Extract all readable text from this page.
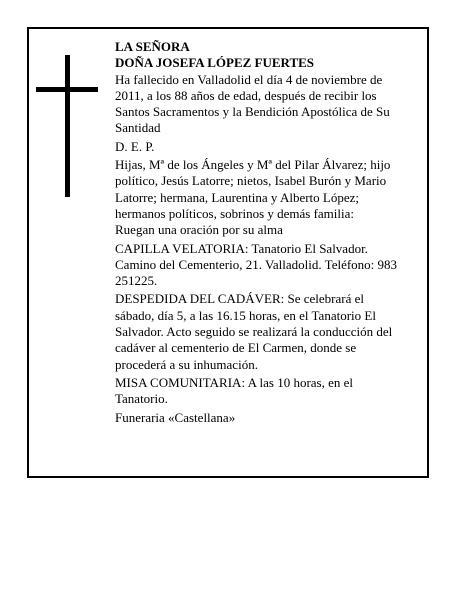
LA SEÑORA
DOÑA JOSEFA LÓPEZ FUERTES
Ha fallecido en Valladolid el día 4 de noviembre de
2011, a los 88 años de edad, después de recibir los
Santos Sacramentos y la Bendición Apostólica de Su
Santidad
D. E. P.
Hijas, Mª de los Ángeles y Mª del Pilar Álvarez; hijo
político, Jesús Latorre; nietos, Isabel Burón y Mario
Latorre; hermana, Laurentina y Alberto López;
hermanos políticos, sobrinos y demás familia:
Ruegan una oración por su alma
CAPILLA VELATORIA: Tanatorio El Salvador.
Camino del Cementerio, 21. Valladolid. Teléfono: 983
251225.
DESPEDIDA DEL CADÁVER: Se celebrará el
sábado, día 5, a las 16.15 horas, en el Tanatorio El
Salvador. Acto seguido se realizará la conducción del
cadáver al cementerio de El Carmen, donde se
procederá a su inhumación.
MISA COMUNITARIA: A las 10 horas, en el
Tanatorio.
Funeraria «Castellana»
